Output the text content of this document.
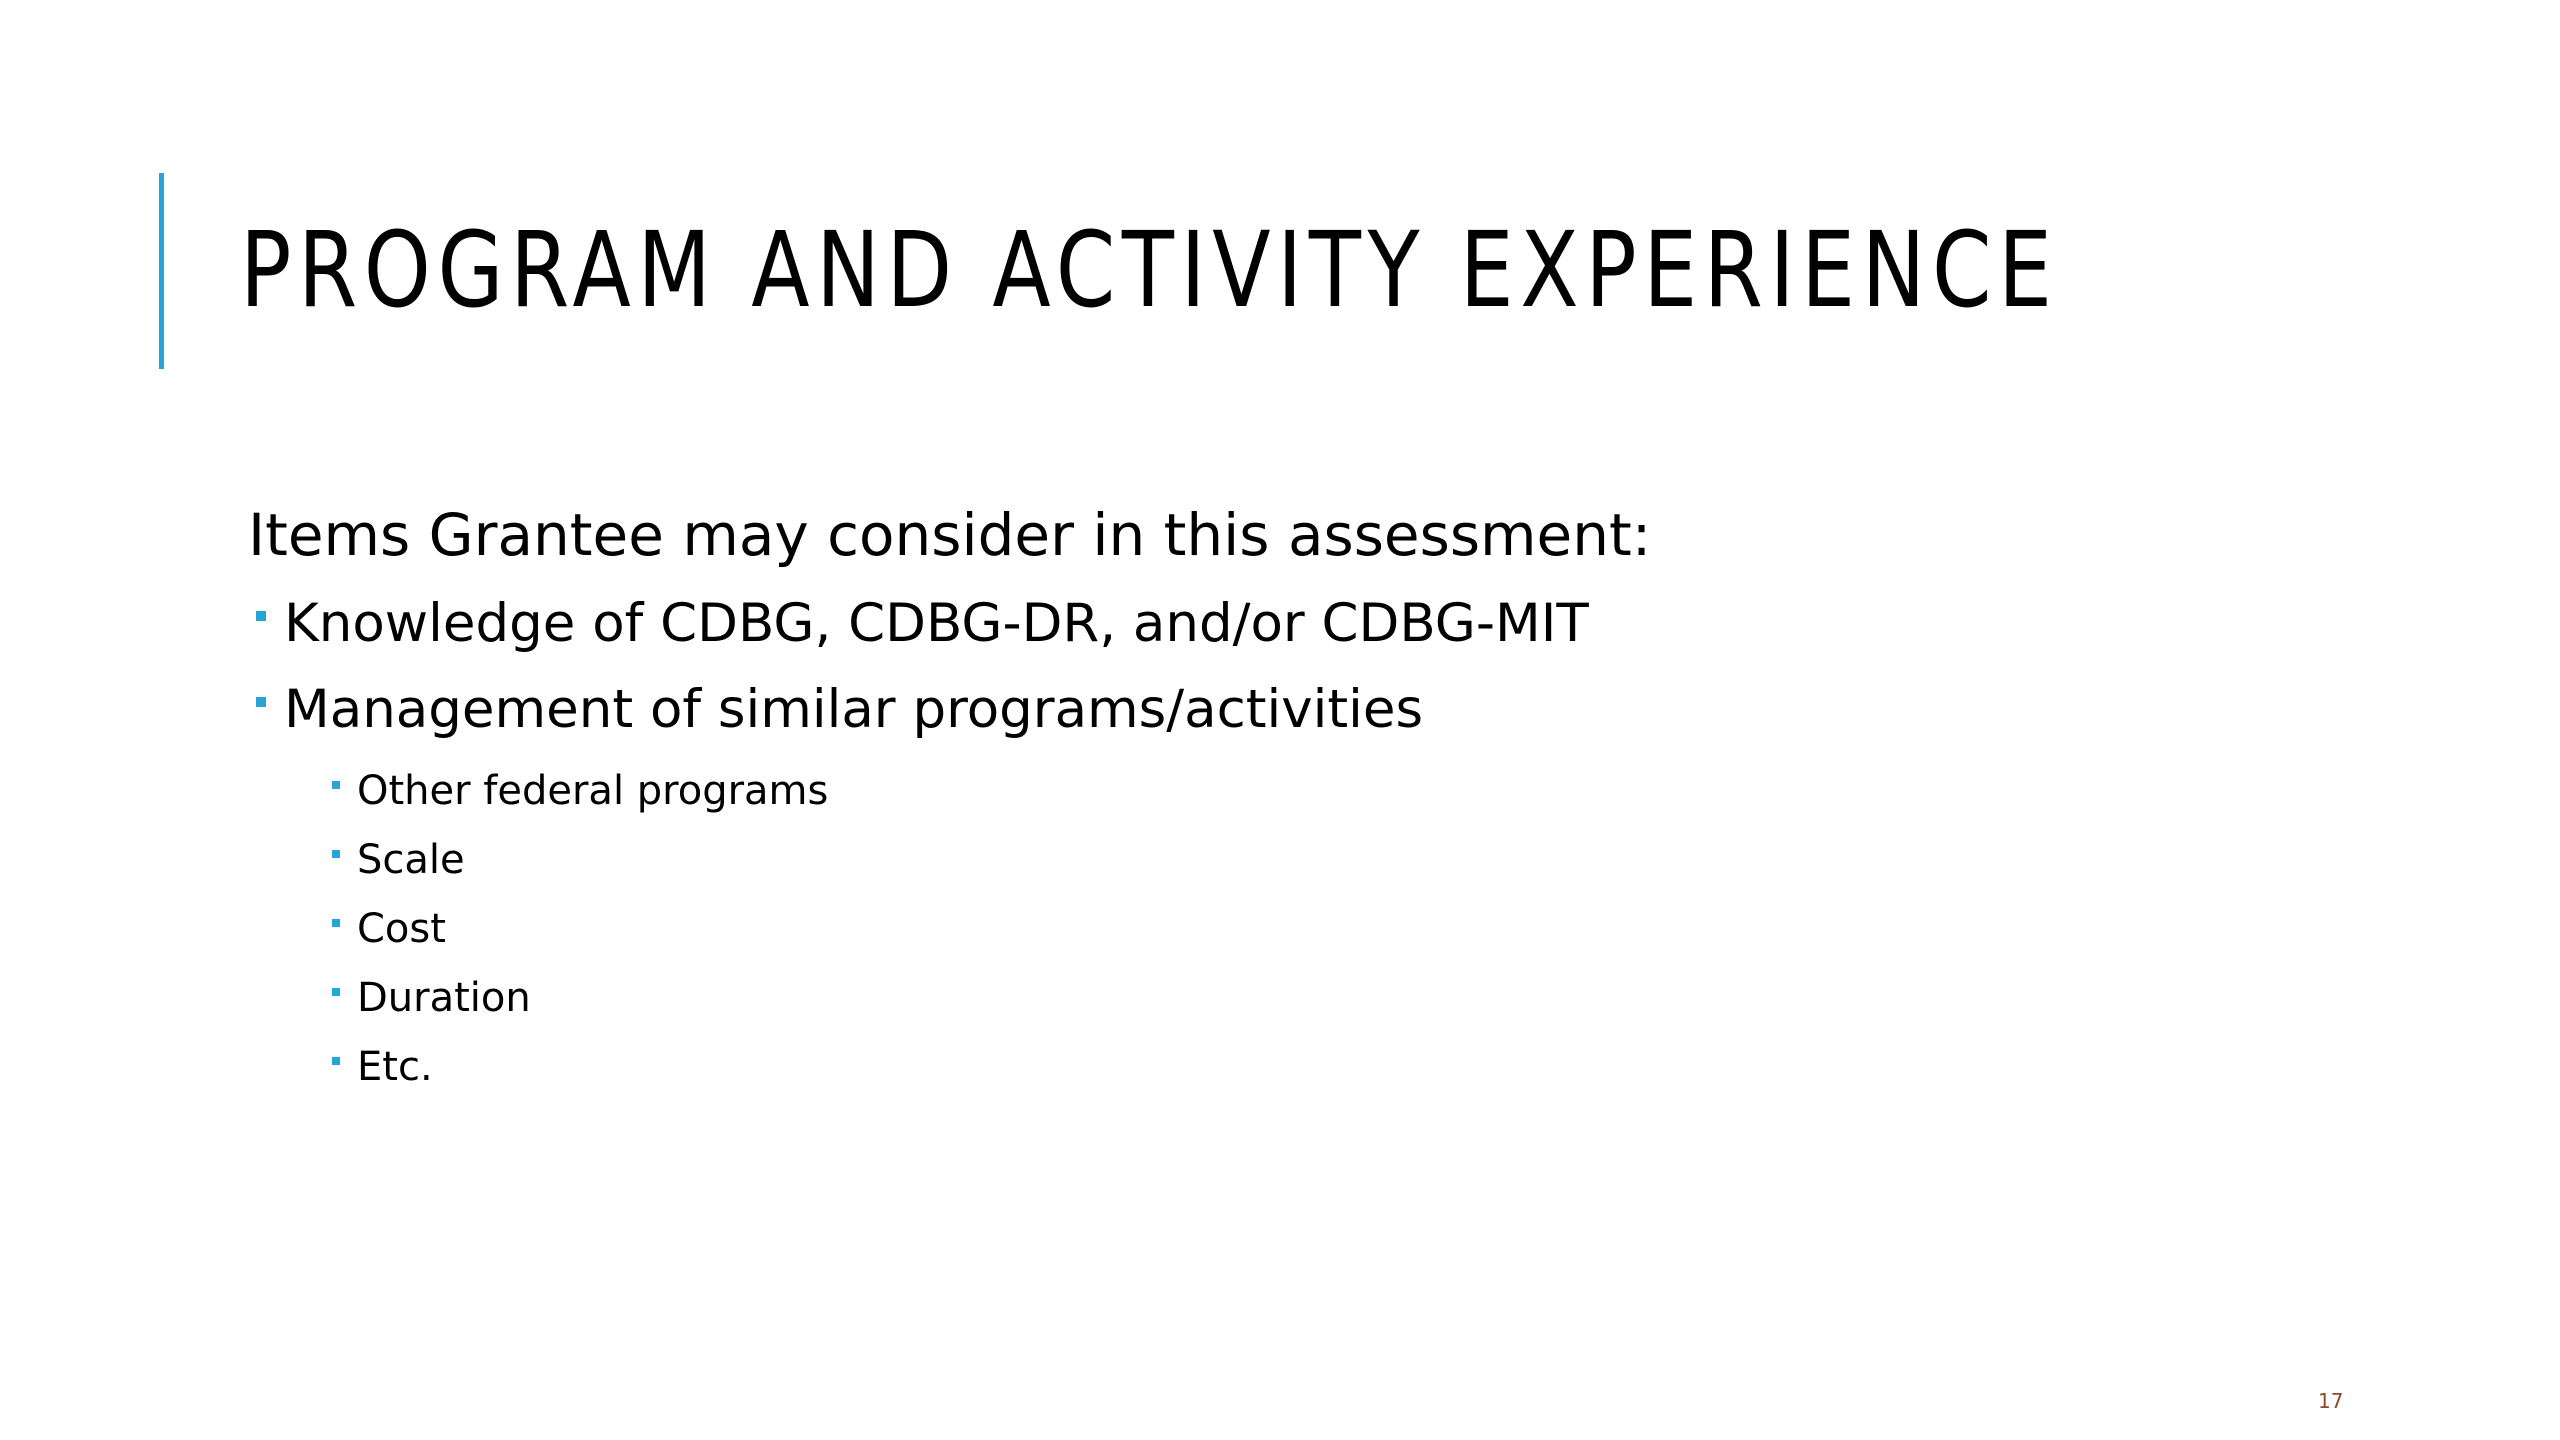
PROGRAM AND ACTIVITY EXPERIENCE

Items Grantee may consider in this assessment:

Knowledge of CDBG, CDBG-DR, and/or CDBG-MIT
Management of similar programs/activities
Other federal programs
Scale
Cost
Duration
Etc.
17
